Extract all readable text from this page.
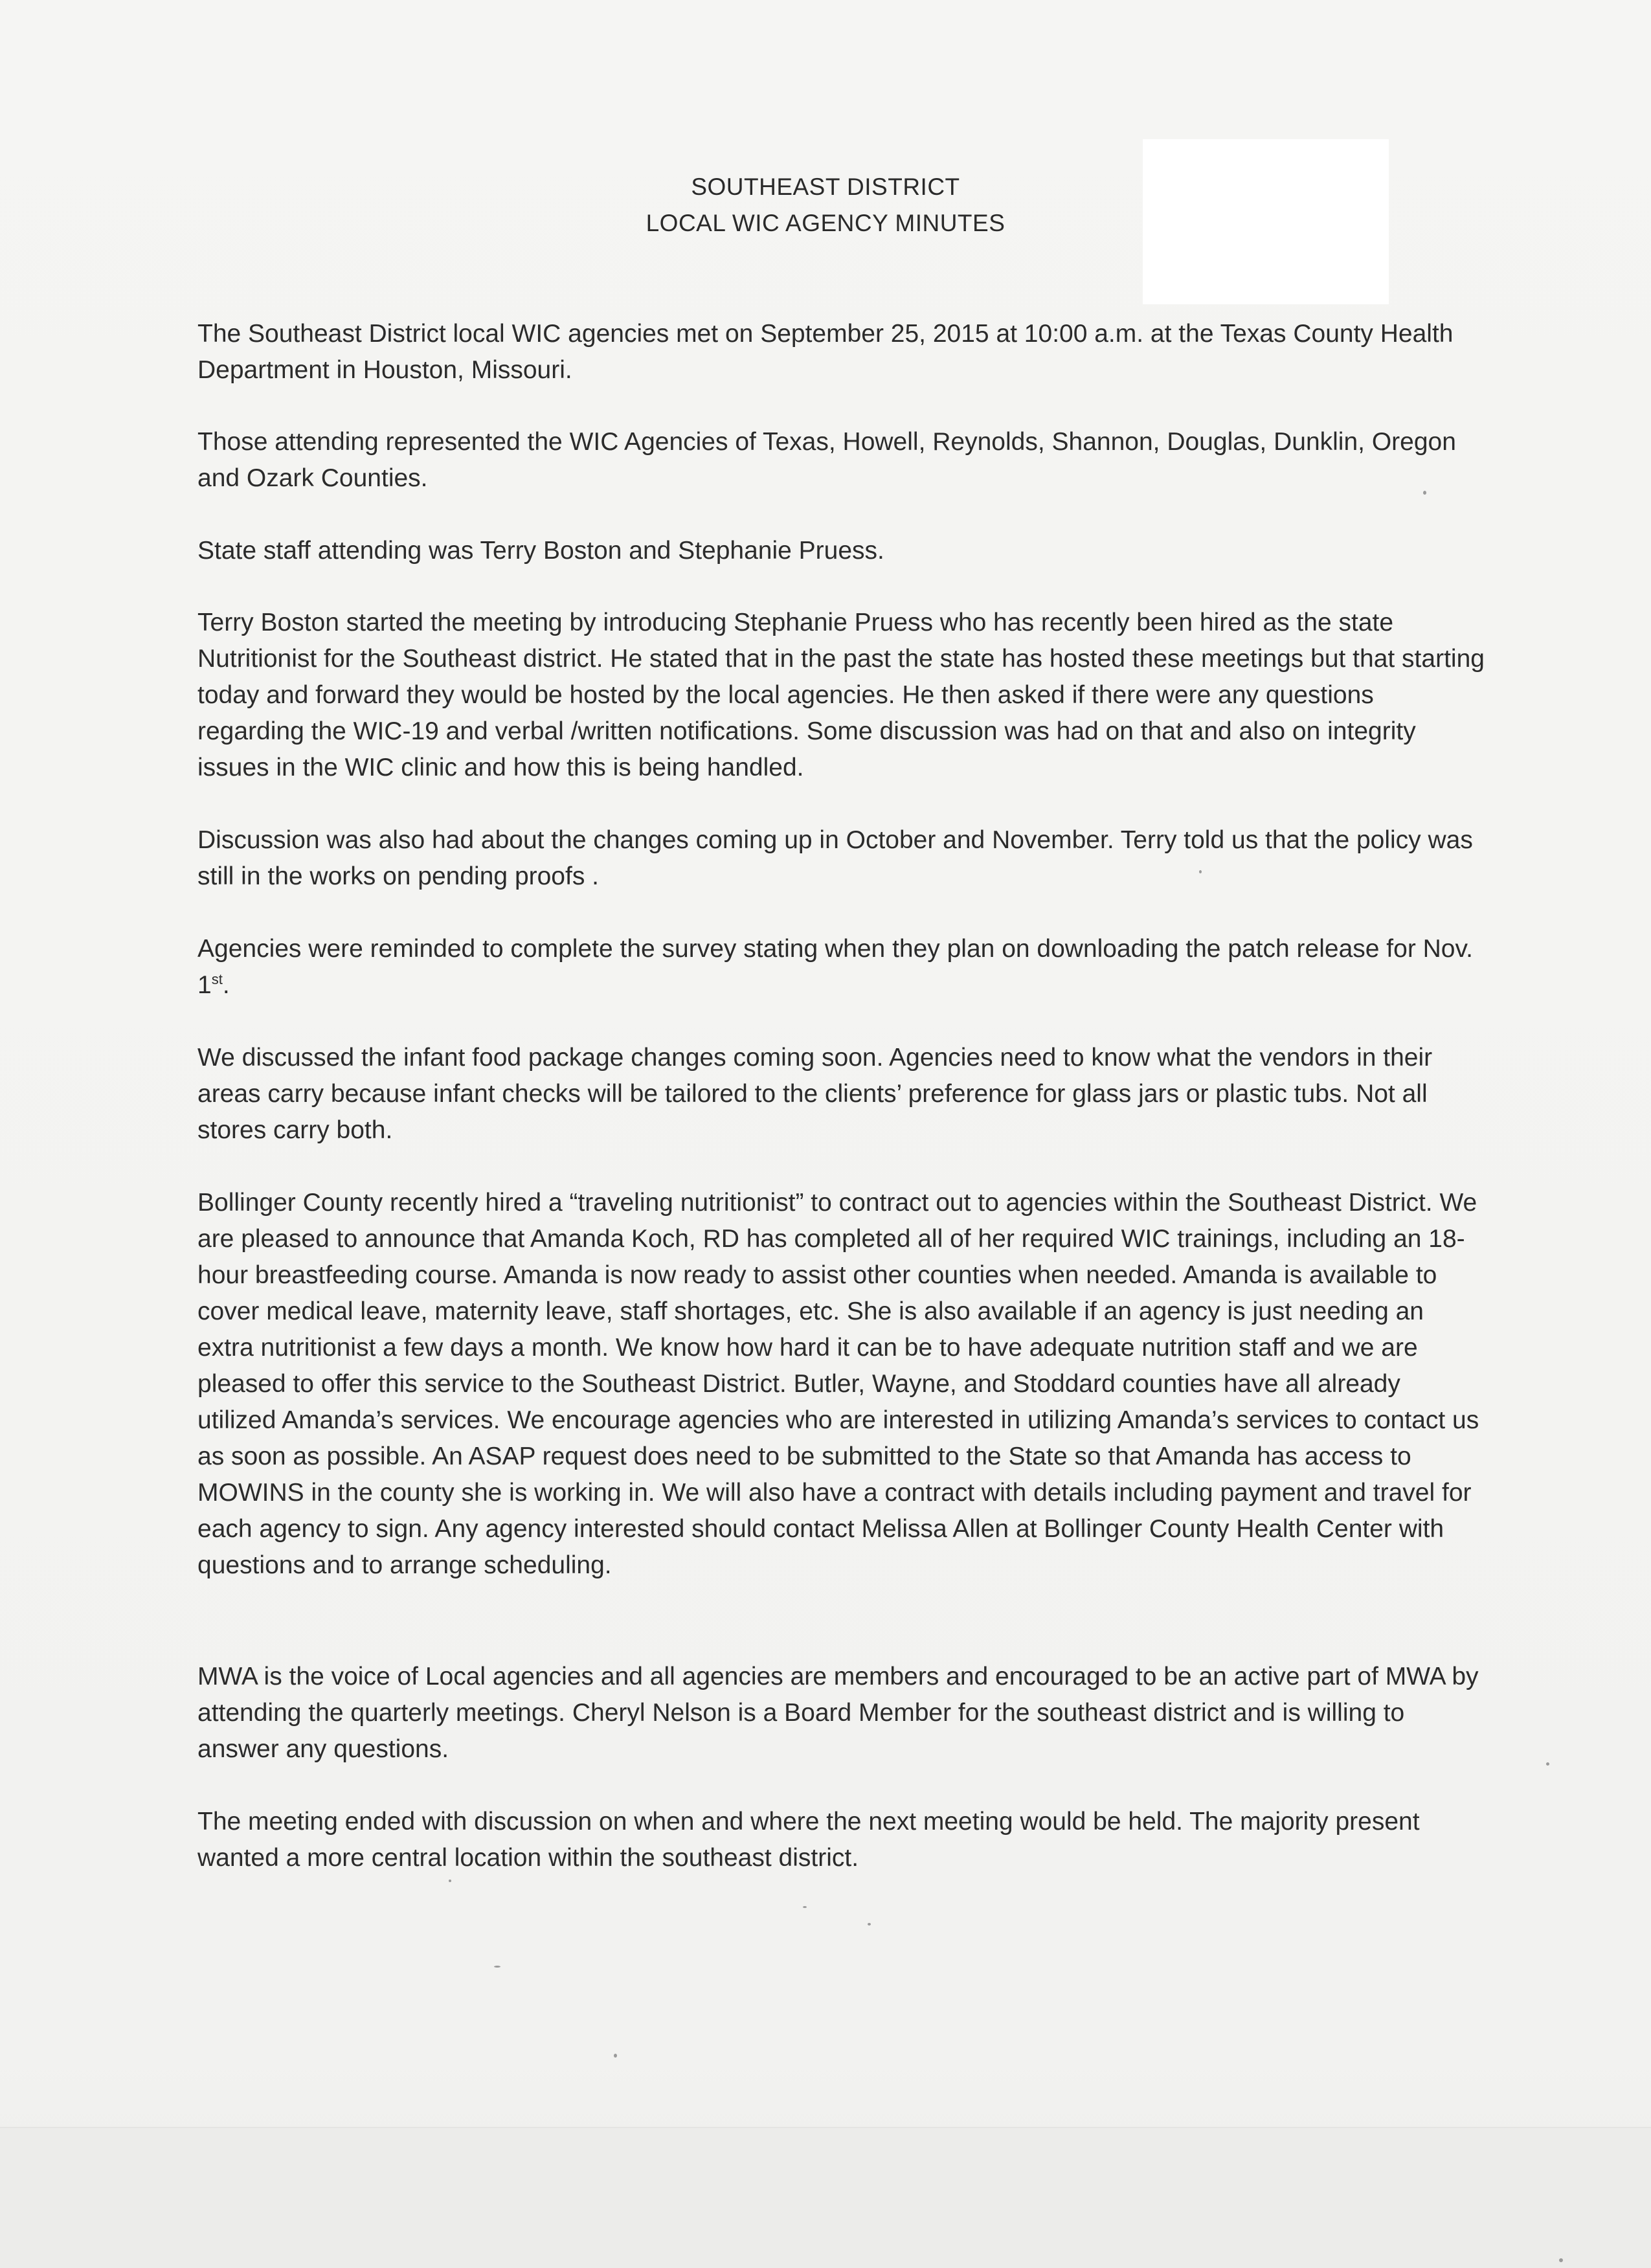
SOUTHEAST DISTRICT
LOCAL WIC AGENCY MINUTES

The Southeast District local WIC agencies met on September 25, 2015 at 10:00 a.m. at the Texas County Health Department in Houston, Missouri.

Those attending represented the WIC Agencies of Texas, Howell, Reynolds, Shannon, Douglas, Dunklin, Oregon and Ozark Counties.

State staff attending was Terry Boston and Stephanie Pruess.

Terry Boston started the meeting by introducing Stephanie Pruess who has recently been hired as the state Nutritionist for the Southeast district. He stated that in the past the state has hosted these meetings but that starting today and forward they would be hosted by the local agencies. He then asked if there were any questions regarding the WIC-19 and verbal /written notifications. Some discussion was had on that and also on integrity issues in the WIC clinic and how this is being handled.

Discussion was also had about the changes coming up in October and November. Terry told us that the policy was still in the works on pending proofs .

Agencies were reminded to complete the survey stating when they plan on downloading the patch release for Nov. 1st.

We discussed the infant food package changes coming soon. Agencies need to know what the vendors in their areas carry because infant checks will be tailored to the clients’ preference for glass jars or plastic tubs. Not all stores carry both.

Bollinger County recently hired a “traveling nutritionist” to contract out to agencies within the Southeast District. We are pleased to announce that Amanda Koch, RD has completed all of her required WIC trainings, including an 18-hour breastfeeding course. Amanda is now ready to assist other counties when needed. Amanda is available to cover medical leave, maternity leave, staff shortages, etc. She is also available if an agency is just needing an extra nutritionist a few days a month. We know how hard it can be to have adequate nutrition staff and we are pleased to offer this service to the Southeast District. Butler, Wayne, and Stoddard counties have all already utilized Amanda’s services. We encourage agencies who are interested in utilizing Amanda’s services to contact us as soon as possible. An ASAP request does need to be submitted to the State so that Amanda has access to MOWINS in the county she is working in. We will also have a contract with details including payment and travel for each agency to sign. Any agency interested should contact Melissa Allen at Bollinger County Health Center with questions and to arrange scheduling.

MWA is the voice of Local agencies and all agencies are members and encouraged to be an active part of MWA by attending the quarterly meetings. Cheryl Nelson is a Board Member for the southeast district and is willing to answer any questions.

The meeting ended with discussion on when and where the next meeting would be held. The majority present wanted a more central location within the southeast district.
